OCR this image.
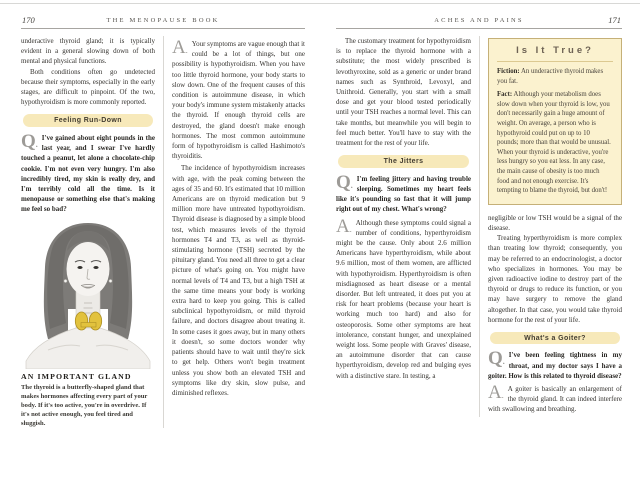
170	THE MENOPAUSE BOOK

underactive thyroid gland; it is typically evident in a general slowing down of both mental and physical functions.

Both conditions often go undetected because their symptoms, especially in the early stages, are difficult to pinpoint. Of the two, hypothyroidism is more commonly reported.

Feeling Run-Down

Q.
I've gained about eight pounds in the last year, and I swear I've hardly touched a peanut, let alone a chocolate-chip cookie. I'm not even very hungry. I'm also incredibly tired, my skin is really dry, and I'm terribly cold all the time. Is it menopause or something else that's making me feel so bad?

AN IMPORTANT GLAND

The thyroid is a butterfly-shaped gland that makes hormones affecting every part of your body. If it's too active, you're in overdrive. If it's not active enough, you feel tired and sluggish.

A.
Your symptoms are vague enough that it could be a lot of things, but one possibility is hypothyroidism. When you have too little thyroid hormone, your body starts to slow down. One of the frequent causes of this condition is autoimmune disease, in which your body's immune system mistakenly attacks the thyroid. If enough thyroid cells are destroyed, the gland doesn't make enough hormones. The most common autoimmune form of hypothyroidism is called Hashimoto's thyroiditis.

The incidence of hypothyroidism increases with age, with the peak coming between the ages of 35 and 60. It's estimated that 10 million Americans are on thyroid medication but 9 million more have untreated hypothyroidism. Thyroid disease is diagnosed by a simple blood test, which measures levels of the thyroid hormones T4 and T3, as well as thyroid-stimulating hormone (TSH) secreted by the pituitary gland. You need all three to get a clear picture of what's going on. You might have normal levels of T4 and T3, but a high TSH at the same time means your body is working extra hard to keep you going. This is called subclinical hypothyroidism, or mild thyroid failure, and doctors disagree about treating it. In some cases it goes away, but in many others it doesn't, so some doctors wonder why patients should have to wait until they're sick to get help. Others won't begin treatment unless you show both an elevated TSH and symptoms like dry skin, slow pulse, and diminished reflexes.

171
ACHES AND PAINS

The customary treatment for hypothyroidism is to replace the thyroid hormone with a substitute; the most widely prescribed is levothyroxine, sold as a generic or under brand names such as Synthroid, Levoxyl, and Unithroid. Generally, you start with a small dose and get your blood tested periodically until your TSH reaches a normal level. This can take months, but meanwhile you will begin to feel much better. You'll have to stay with the treatment for the rest of your life.

The Jitters

Q.
I'm feeling jittery and having trouble sleeping. Sometimes my heart feels like it's pounding so fast that it will jump right out of my chest. What's wrong?

A.
Although these symptoms could signal a number of conditions, hyperthyroidism might be the cause. Only about 2.6 million Americans have hyperthyroidism, while about 9.6 million, most of them women, are afflicted with hypothyroidism. Hyperthyroidism is often misdiagnosed as heart disease or a mental disorder. But left untreated, it does put you at risk for heart problems (because your heart is working much too hard) and also for osteoporosis. Some other symptoms are heat intolerance, constant hunger, and unexplained weight loss. Some people with Graves' disease, an autoimmune disorder that can cause hyperthyroidism, develop red and bulging eyes with a distinctive stare. In testing, a

Is It True?

Fiction: An underactive thyroid makes you fat.

Fact: Although your metabolism does slow down when your thyroid is low, you don't necessarily gain a huge amount of weight. On average, a person who is hypothyroid could put on up to 10 pounds; more than that would be unusual. When your thyroid is underactive, you're less hungry so you eat less. In any case, the main cause of obesity is too much food and not enough exercise. It's tempting to blame the thyroid, but don't!

negligible or low TSH would be a signal of the disease.

Treating hyperthyroidism is more complex than treating low thyroid; consequently, you may be referred to an endocrinologist, a doctor who specializes in hormones. You may be given radioactive iodine to destroy part of the thyroid or drugs to reduce its function, or you may have surgery to remove the gland altogether. In that case, you would take thyroid hormone for the rest of your life.

What's a Goiter?

Q.
I've been feeling tightness in my throat, and my doctor says I have a goiter. How is this related to thyroid disease?

A.
A goiter is basically an enlargement of the thyroid gland. It can indeed interfere with swallowing and breathing.
